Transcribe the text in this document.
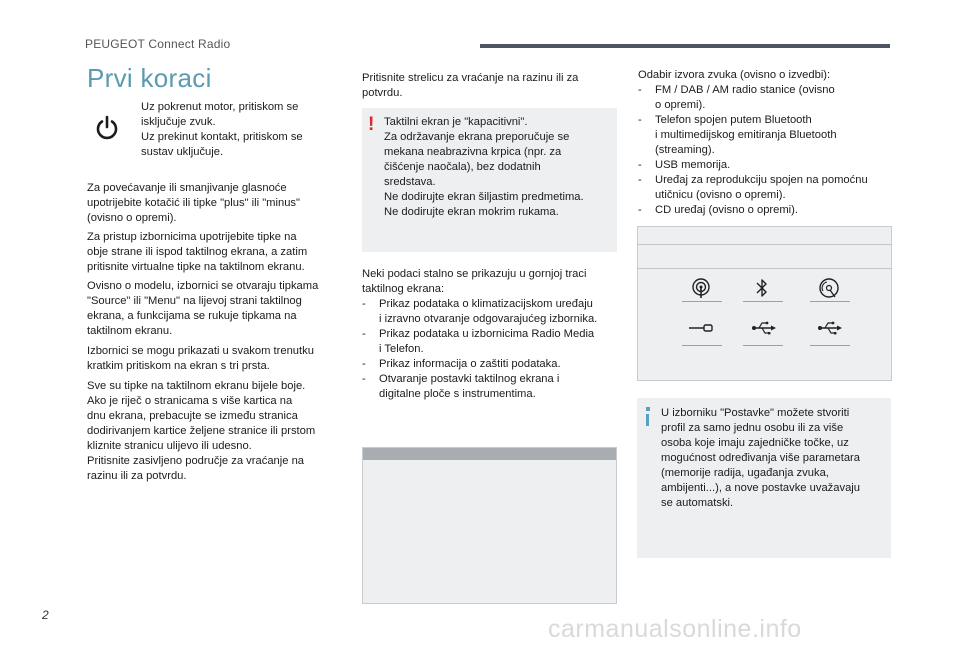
PEUGEOT Connect Radio
Prvi koraci
Uz pokrenut motor, pritiskom se
isključuje zvuk.
Uz prekinut kontakt, pritiskom se
sustav uključuje.
Za povećavanje ili smanjivanje glasnoće
upotrijebite kotačić ili tipke "plus" ili "minus"
(ovisno o opremi).
Za pristup izbornicima upotrijebite tipke na
obje strane ili ispod taktilnog ekrana, a zatim
pritisnite virtualne tipke na taktilnom ekranu.
Ovisno o modelu, izbornici se otvaraju tipkama
"Source" ili "Menu" na lijevoj strani taktilnog
ekrana, a funkcijama se rukuje tipkama na
taktilnom ekranu.
Izbornici se mogu prikazati u svakom trenutku
kratkim pritiskom na ekran s tri prsta.
Sve su tipke na taktilnom ekranu bijele boje.
Ako je riječ o stranicama s više kartica na
dnu ekrana, prebacujte se između stranica
dodirivanjem kartice željene stranice ili prstom
kliznite stranicu ulijevo ili udesno.
Pritisnite zasivljeno područje za vraćanje na
razinu ili za potvrdu.
Pritisnite strelicu za vraćanje na razinu ili za
potvrdu.
! Taktilni ekran je "kapacitivni".
Za održavanje ekrana preporučuje se
mekana neabrazivna krpica (npr. za
čišćenje naočala), bez dodatnih
sredstava.
Ne dodirujte ekran šiljastim predmetima.
Ne dodirujte ekran mokrim rukama.
Neki podaci stalno se prikazuju u gornjoj traci
taktilnog ekrana:
- Prikaz podataka o klimatizacijskom uređaju
i izravno otvaranje odgovarajućeg izbornika.
- Prikaz podataka u izbornicima Radio Media
i Telefon.
- Prikaz informacija o zaštiti podataka.
- Otvaranje postavki taktilnog ekrana i
digitalne ploče s instrumentima.
Odabir izvora zvuka (ovisno o izvedbi):
- FM / DAB / AM radio stanice (ovisno
o opremi).
- Telefon spojen putem Bluetooth
i multimedijskog emitiranja Bluetooth
(streaming).
- USB memorija.
- Uređaj za reprodukciju spojen na pomoćnu
utičnicu (ovisno o opremi).
- CD uređaj (ovisno o opremi).
U izborniku "Postavke" možete stvoriti
profil za samo jednu osobu ili za više
osoba koje imaju zajedničke točke, uz
mogućnost određivanja više parametara
(memorije radija, ugađanja zvuka,
ambijenti...), a nove postavke uvažavaju
se automatski.
2	carmanualsonline.info
